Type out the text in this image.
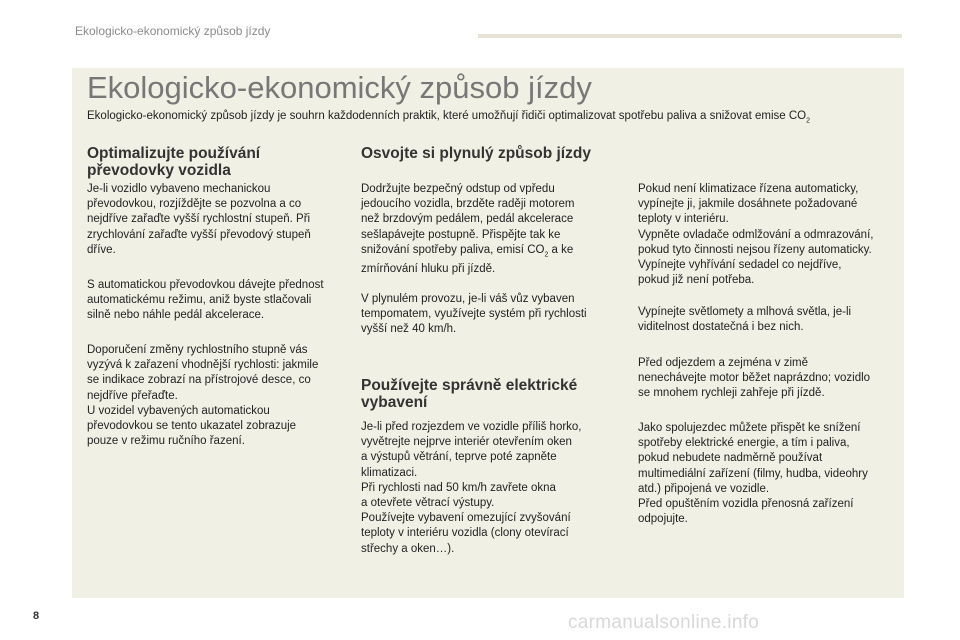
Ekologicko-ekonomický způsob jízdy
Ekologicko-ekonomický způsob jízdy

Ekologicko-ekonomický způsob jízdy je souhrn každodenních praktik, které umožňují řidiči optimalizovat spotřebu paliva a snižovat emise $CO_2$

Optimalizujte používání převodovky vozidla

Je-li vozidlo vybaveno mechanickou
převodovkou, rozjíždějte se pozvolna a co
nejdříve zařaďte vyšší rychlostní stupeň. Při
zrychlování zařaďte vyšší převodový stupeň
dříve.

S automatickou převodovkou dávejte přednost
automatickému režimu, aniž byste stlačovali
silně nebo náhle pedál akcelerace.

Doporučení změny rychlostního stupně vás
vyzývá k zařazení vhodnější rychlosti: jakmile
se indikace zobrazí na přístrojové desce, co
nejdříve přeřaďte.
U vozidel vybavených automatickou
převodovkou se tento ukazatel zobrazuje
pouze v režimu ručního řazení.

Osvojte si plynulý způsob jízdy

Dodržujte bezpečný odstup od vpředu
jedoucího vozidla, brzděte raději motorem
než brzdovým pedálem, pedál akcelerace
sešlapávejte postupně. Přispějte tak ke
snižování spotřeby paliva, emisí $CO_2$ a ke
zmírňování hluku při jízdě.

V plynulém provozu, je-li váš vůz vybaven
tempomatem, využívejte systém při rychlosti
vyšší než 40 km/h.

Používejte správně elektrické vybavení

Je-li před rozjezdem ve vozidle příliš horko,
vyvětrejte nejprve interiér otevřením oken
a výstupů větrání, teprve poté zapněte
klimatizaci.
Při rychlosti nad 50 km/h zavřete okna
a otevřete větrací výstupy.
Používejte vybavení omezující zvyšování
teploty v interiéru vozidla (clony otevírací
střechy a oken…).

Pokud není klimatizace řízena automaticky,
vypínejte ji, jakmile dosáhnete požadované
teploty v interiéru.
Vypněte ovladače odmlžování a odmrazování,
pokud tyto činnosti nejsou řízeny automaticky.
Vypínejte vyhřívání sedadel co nejdříve,
pokud již není potřeba.

Vypínejte světlomety a mlhová světla, je-li
viditelnost dostatečná i bez nich.

Před odjezdem a zejména v zimě
nenechávejte motor běžet naprázdno; vozidlo
se mnohem rychleji zahřeje při jízdě.

Jako spolujezdec můžete přispět ke snížení
spotřeby elektrické energie, a tím i paliva,
pokud nebudete nadměrně používat
multimediální zařízení (filmy, hudba, videohry
atd.) připojená ve vozidle.
Před opuštěním vozidla přenosná zařízení
odpojujte.

8	carmanualsonline.info
